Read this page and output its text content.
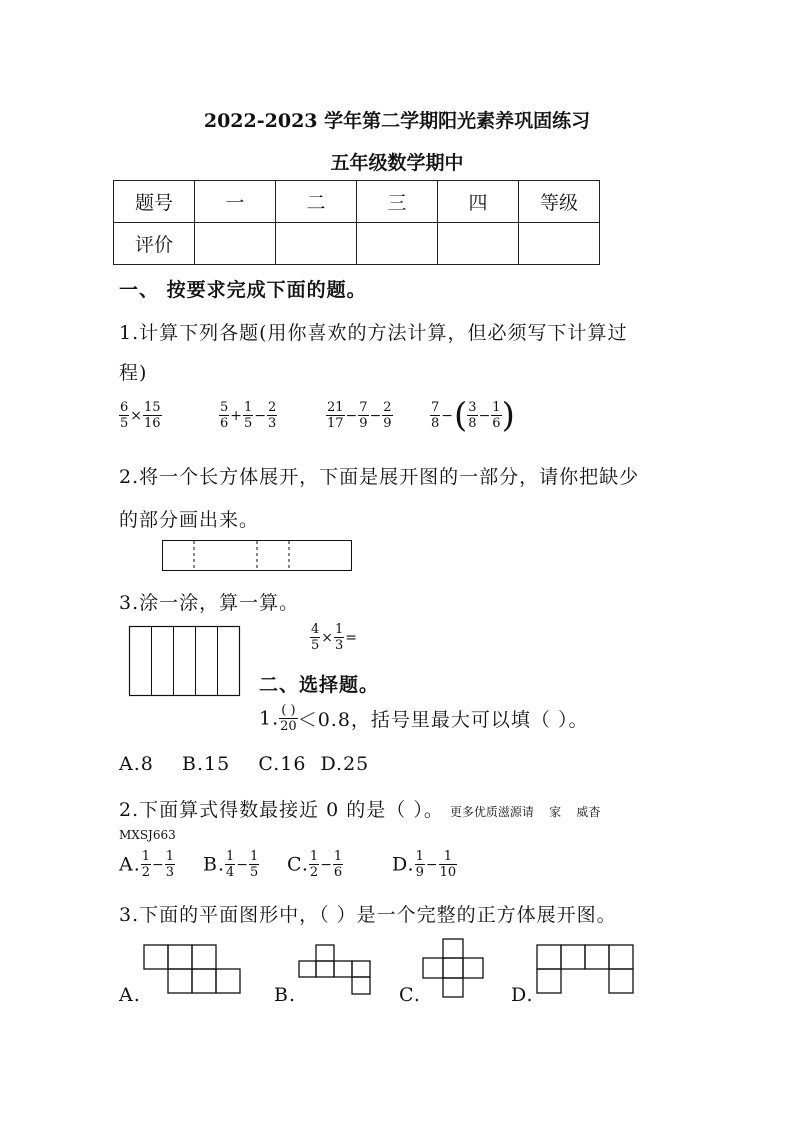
2022-2023 学年第二学期阳光素养巩固练习
五年级数学期中
题号	一	二	三	四	等级
评价					
一、 按要求完成下面的题。
1.计算下列各题(用你喜欢的方法计算，但必须写下计算过
程)
$\frac{6}{5} \times \frac{15}{16}$	$\frac{5}{6} + \frac{1}{5} - \frac{2}{3}$	$\frac{21}{17} - \frac{7}{9} - \frac{2}{9}$	$\frac{7}{8}$ −( $\frac{3}{8} - \frac{1}{6}$ )
2.将一个长方体展开，下面是展开图的一部分，请你把缺少
的部分画出来。
3.涂一涂，算一算。
$\frac{4}{5} \times \frac{1}{3}$ =
二、选择题。
1. $\frac{( )}{20} <0.8$，括号里最大可以填（ ）。
A.8    B.15    C.16  D.25
2.下面算式得数最接近 0 的是（ ）。 更多优质滋源请    家    威杳
MXSJ663
A. $\frac{1}{2} - \frac{1}{3} B$. $\frac{1}{4} - \frac{1}{5} C$. $\frac{1}{2} - \frac{1}{6}$	D. $\frac{1}{9} - \frac{1}{10}$
3.下面的平面图形中，（ ）是一个完整的正方体展开图。
A.	B.	C.	D.
